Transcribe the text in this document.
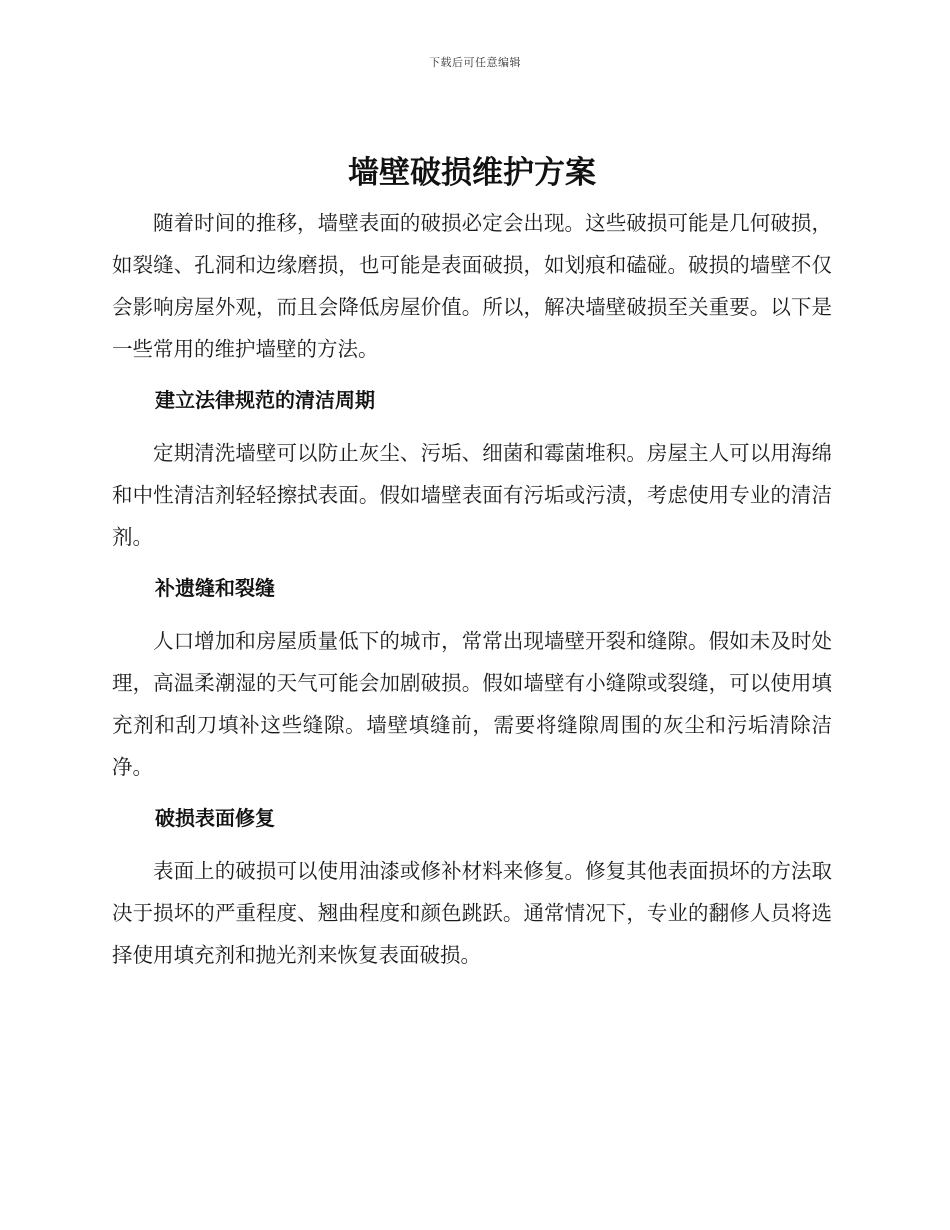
下载后可任意编辑
墙壁破损维护方案

随着时间的推移，墙壁表面的破损必定会出现。这些破损可能是几何破损，如裂缝、孔洞和边缘磨损，也可能是表面破损，如划痕和磕碰。破损的墙壁不仅会影响房屋外观，而且会降低房屋价值。所以，解决墙壁破损至关重要。以下是一些常用的维护墙壁的方法。

建立法律规范的清洁周期

定期清洗墙壁可以防止灰尘、污垢、细菌和霉菌堆积。房屋主人可以用海绵和中性清洁剂轻轻擦拭表面。假如墙壁表面有污垢或污渍，考虑使用专业的清洁剂。

补遗缝和裂缝

人口增加和房屋质量低下的城市，常常出现墙壁开裂和缝隙。假如未及时处理，高温柔潮湿的天气可能会加剧破损。假如墙壁有小缝隙或裂缝，可以使用填充剂和刮刀填补这些缝隙。墙壁填缝前，需要将缝隙周围的灰尘和污垢清除洁净。

破损表面修复

表面上的破损可以使用油漆或修补材料来修复。修复其他表面损坏的方法取决于损坏的严重程度、翘曲程度和颜色跳跃。通常情况下，专业的翻修人员将选择使用填充剂和抛光剂来恢复表面破损。
